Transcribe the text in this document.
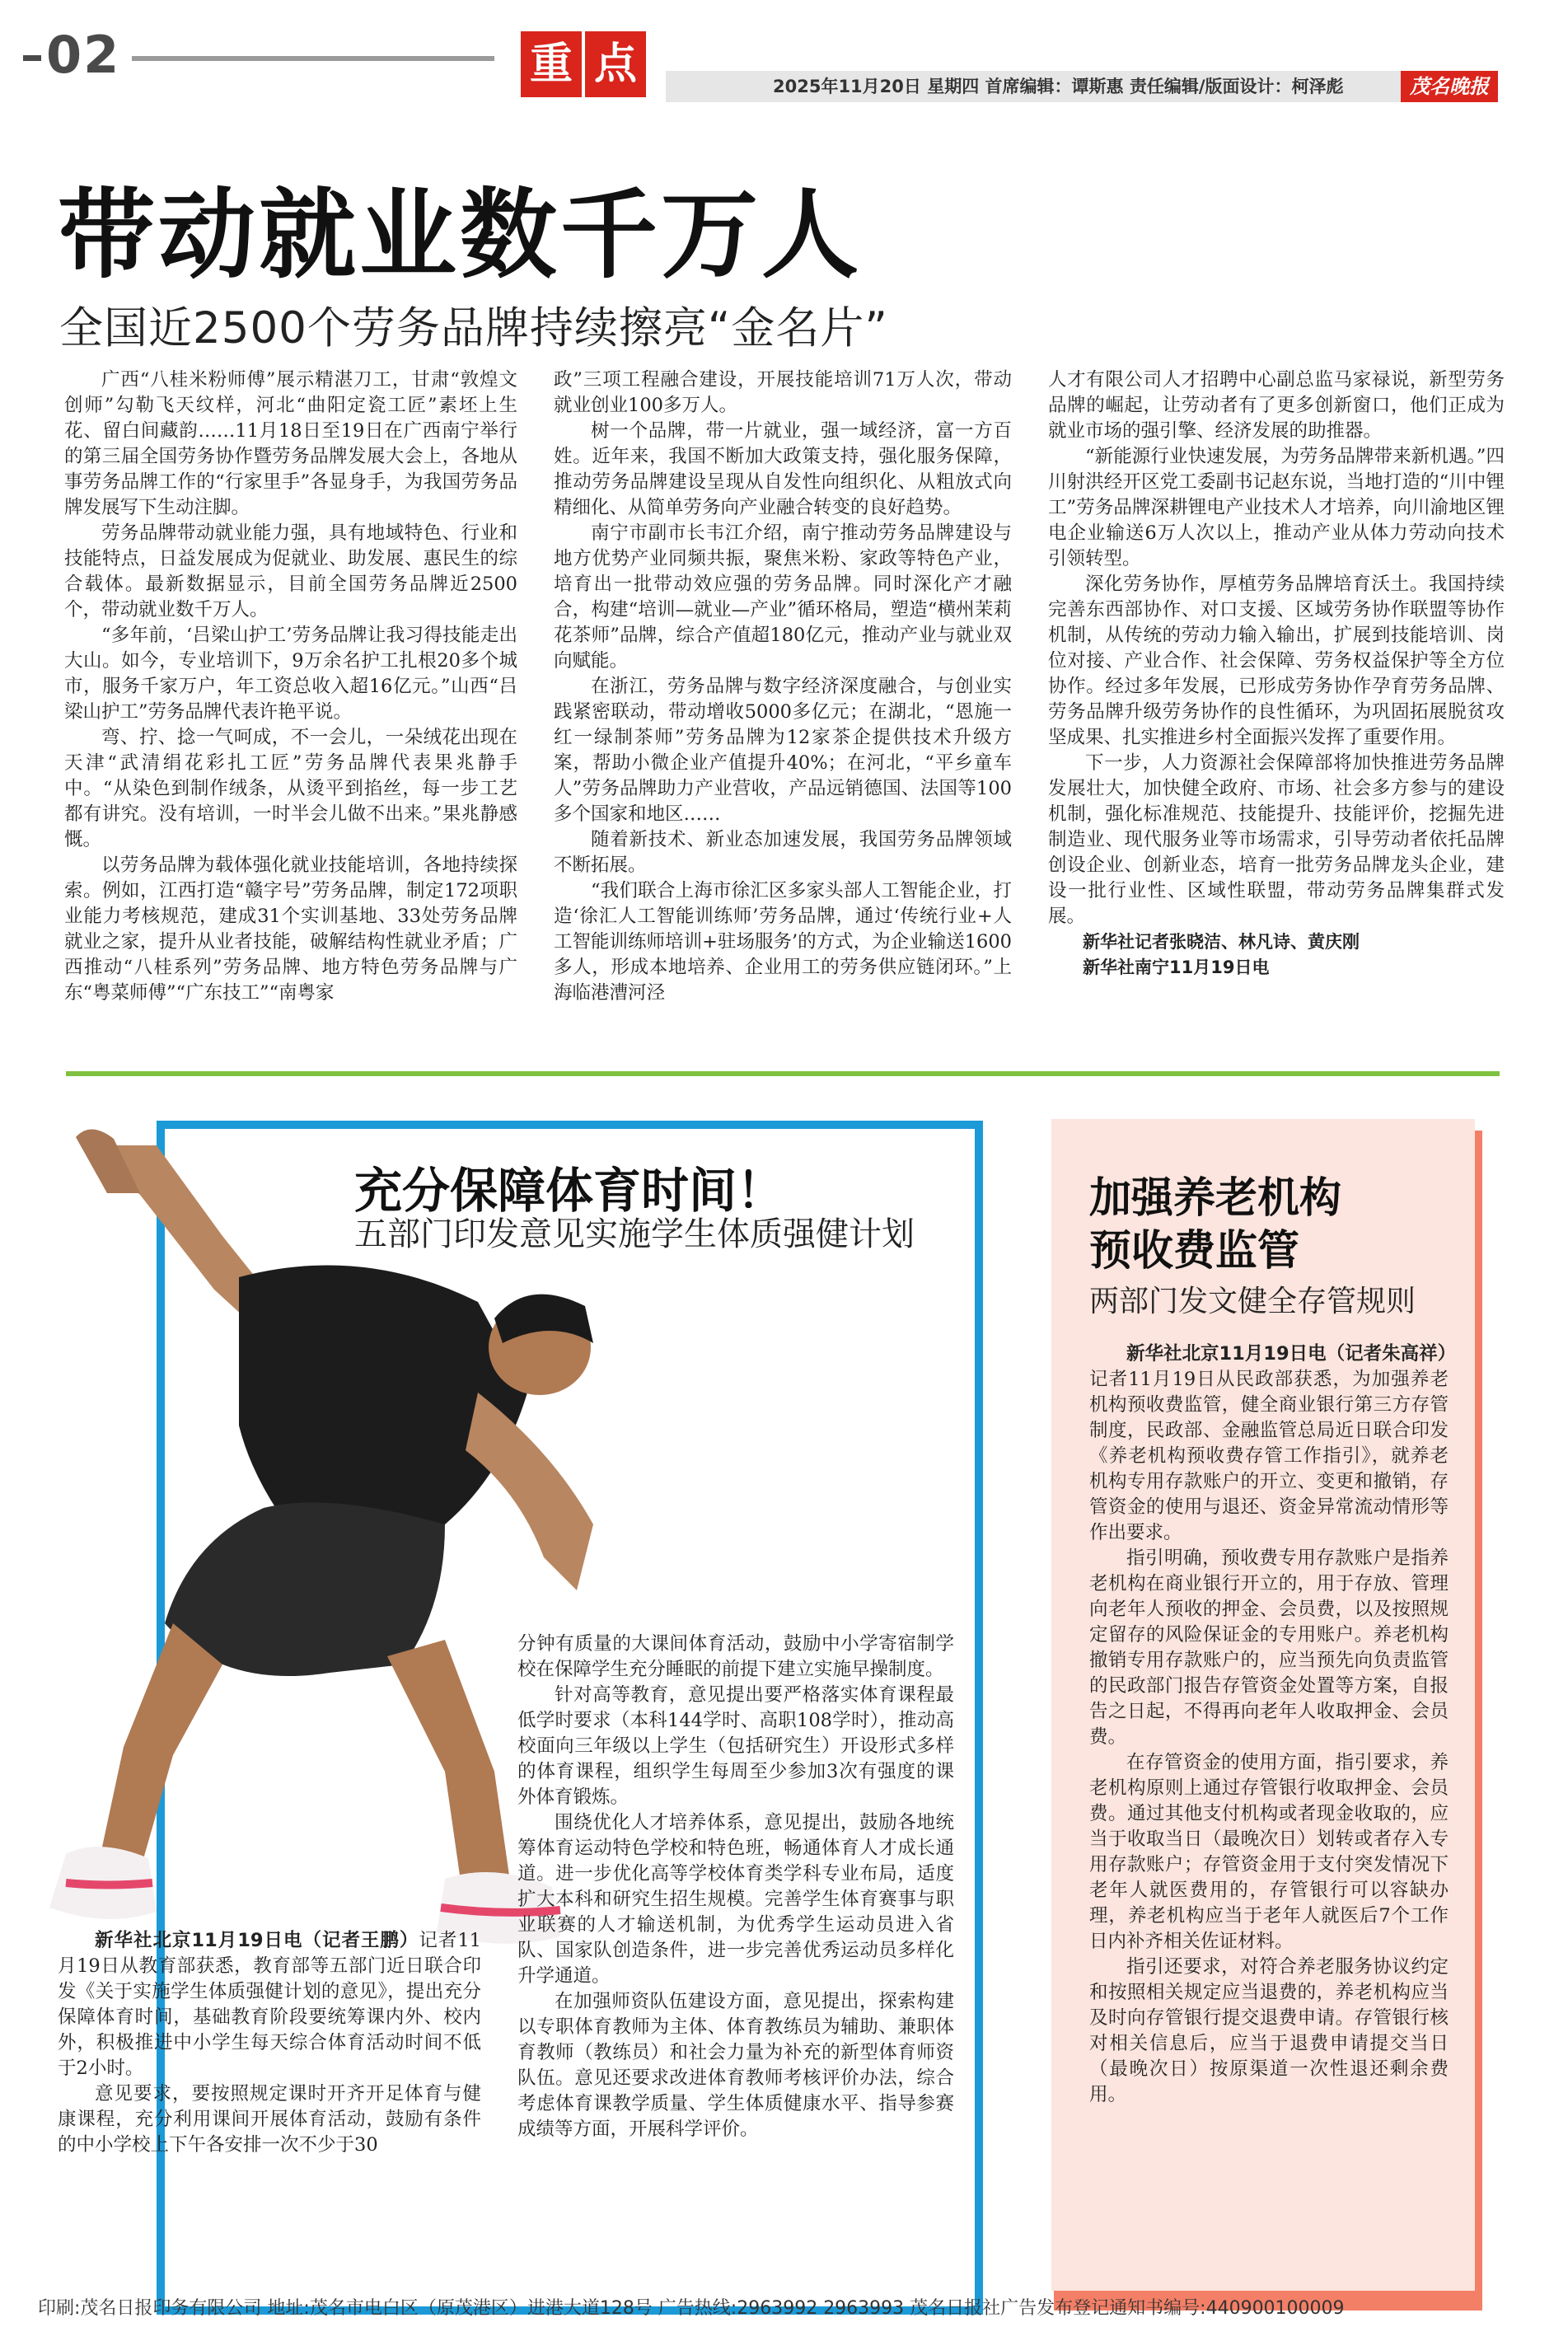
02	重 点	2025年11月20日 星期四 首席编辑：谭斯惠 责任编辑/版面设计：柯泽彪	茂名晚报
带动就业数千万人
全国近2500个劳务品牌持续擦亮“金名片”

广西“八桂米粉师傅”展示精湛刀工，甘肃“敦煌文创师”勾勒飞天纹样，河北“曲阳定瓷工匠”素坯上生花、留白间藏韵……11月18日至19日在广西南宁举行的第三届全国劳务协作暨劳务品牌发展大会上，各地从事劳务品牌工作的“行家里手”各显身手，为我国劳务品牌发展写下生动注脚。

劳务品牌带动就业能力强，具有地域特色、行业和技能特点，日益发展成为促就业、助发展、惠民生的综合载体。最新数据显示，目前全国劳务品牌近2500个，带动就业数千万人。

“多年前，‘吕梁山护工’劳务品牌让我习得技能走出大山。如今，专业培训下，9万余名护工扎根20多个城市，服务千家万户，年工资总收入超16亿元。”山西“吕梁山护工”劳务品牌代表许艳平说。

弯、拧、捻一气呵成，不一会儿，一朵绒花出现在天津“武清绢花彩扎工匠”劳务品牌代表果兆静手中。“从染色到制作绒条，从烫平到掐丝，每一步工艺都有讲究。没有培训，一时半会儿做不出来。”果兆静感慨。

以劳务品牌为载体强化就业技能培训，各地持续探索。例如，江西打造“赣字号”劳务品牌，制定172项职业能力考核规范，建成31个实训基地、33处劳务品牌就业之家，提升从业者技能，破解结构性就业矛盾；广西推动“八桂系列”劳务品牌、地方特色劳务品牌与广东“粤菜师傅”“广东技工”“南粤家

政”三项工程融合建设，开展技能培训71万人次，带动就业创业100多万人。

树一个品牌，带一片就业，强一域经济，富一方百姓。近年来，我国不断加大政策支持，强化服务保障，推动劳务品牌建设呈现从自发性向组织化、从粗放式向精细化、从简单劳务向产业融合转变的良好趋势。

南宁市副市长韦江介绍，南宁推动劳务品牌建设与地方优势产业同频共振，聚焦米粉、家政等特色产业，培育出一批带动效应强的劳务品牌。同时深化产才融合，构建“培训—就业—产业”循环格局，塑造“横州茉莉花茶师”品牌，综合产值超180亿元，推动产业与就业双向赋能。

在浙江，劳务品牌与数字经济深度融合，与创业实践紧密联动，带动增收5000多亿元；在湖北，“恩施一红一绿制茶师”劳务品牌为12家茶企提供技术升级方案，帮助小微企业产值提升40%；在河北，“平乡童车人”劳务品牌助力产业营收，产品远销德国、法国等100多个国家和地区……

随着新技术、新业态加速发展，我国劳务品牌领域不断拓展。

“我们联合上海市徐汇区多家头部人工智能企业，打造‘徐汇人工智能训练师’劳务品牌，通过‘传统行业+人工智能训练师培训+驻场服务’的方式，为企业输送1600多人，形成本地培养、企业用工的劳务供应链闭环。”上海临港漕河泾

人才有限公司人才招聘中心副总监马家禄说，新型劳务品牌的崛起，让劳动者有了更多创新窗口，他们正成为就业市场的强引擎、经济发展的助推器。

“新能源行业快速发展，为劳务品牌带来新机遇。”四川射洪经开区党工委副书记赵东说，当地打造的“川中锂工”劳务品牌深耕锂电产业技术人才培养，向川渝地区锂电企业输送6万人次以上，推动产业从体力劳动向技术引领转型。

深化劳务协作，厚植劳务品牌培育沃土。我国持续完善东西部协作、对口支援、区域劳务协作联盟等协作机制，从传统的劳动力输入输出，扩展到技能培训、岗位对接、产业合作、社会保障、劳务权益保护等全方位协作。经过多年发展，已形成劳务协作孕育劳务品牌、劳务品牌升级劳务协作的良性循环，为巩固拓展脱贫攻坚成果、扎实推进乡村全面振兴发挥了重要作用。

下一步，人力资源社会保障部将加快推进劳务品牌发展壮大，加快健全政府、市场、社会多方参与的建设机制，强化标准规范、技能提升、技能评价，挖掘先进制造业、现代服务业等市场需求，引导劳动者依托品牌创设企业、创新业态，培育一批劳务品牌龙头企业，建设一批行业性、区域性联盟，带动劳务品牌集群式发展。

新华社记者张晓洁、林凡诗、黄庆刚
新华社南宁11月19日电
充分保障体育时间！
五部门印发意见实施学生体质强健计划

新华社北京11月19日电（记者王鹏）记者11月19日从教育部获悉，教育部等五部门近日联合印发《关于实施学生体质强健计划的意见》，提出充分保障体育时间，基础教育阶段要统筹课内外、校内外，积极推进中小学生每天综合体育活动时间不低于2小时。

意见要求，要按照规定课时开齐开足体育与健康课程，充分利用课间开展体育活动，鼓励有条件的中小学校上下午各安排一次不少于30

分钟有质量的大课间体育活动，鼓励中小学寄宿制学校在保障学生充分睡眠的前提下建立实施早操制度。

针对高等教育，意见提出要严格落实体育课程最低学时要求（本科144学时、高职108学时），推动高校面向三年级以上学生（包括研究生）开设形式多样的体育课程，组织学生每周至少参加3次有强度的课外体育锻炼。

围绕优化人才培养体系，意见提出，鼓励各地统筹体育运动特色学校和特色班，畅通体育人才成长通道。进一步优化高等学校体育类学科专业布局，适度扩大本科和研究生招生规模。完善学生体育赛事与职业联赛的人才输送机制，为优秀学生运动员进入省队、国家队创造条件，进一步完善优秀运动员多样化升学通道。

在加强师资队伍建设方面，意见提出，探索构建以专职体育教师为主体、体育教练员为辅助、兼职体育教师（教练员）和社会力量为补充的新型体育师资队伍。意见还要求改进体育教师考核评价办法，综合考虑体育课教学质量、学生体质健康水平、指导参赛成绩等方面，开展科学评价。

加强养老机构
预收费监管
两部门发文健全存管规则

新华社北京11月19日电（记者朱高祥）记者11月19日从民政部获悉，为加强养老机构预收费监管，健全商业银行第三方存管制度，民政部、金融监管总局近日联合印发《养老机构预收费存管工作指引》，就养老机构专用存款账户的开立、变更和撤销，存管资金的使用与退还、资金异常流动情形等作出要求。

指引明确，预收费专用存款账户是指养老机构在商业银行开立的，用于存放、管理向老年人预收的押金、会员费，以及按照规定留存的风险保证金的专用账户。养老机构撤销专用存款账户的，应当预先向负责监管的民政部门报告存管资金处置等方案，自报告之日起，不得再向老年人收取押金、会员费。

在存管资金的使用方面，指引要求，养老机构原则上通过存管银行收取押金、会员费。通过其他支付机构或者现金收取的，应当于收取当日（最晚次日）划转或者存入专用存款账户；存管资金用于支付突发情况下老年人就医费用的，存管银行可以容缺办理，养老机构应当于老年人就医后7个工作日内补齐相关佐证材料。

指引还要求，对符合养老服务协议约定和按照相关规定应当退费的，养老机构应当及时向存管银行提交退费申请。存管银行核对相关信息后，应当于退费申请提交当日（最晚次日）按原渠道一次性退还剩余费用。

印刷:茂名日报印务有限公司 地址:茂名市电白区（原茂港区）进港大道128号 广告热线:2963992 2963993 茂名日报社广告发布登记通知书编号:440900100009
